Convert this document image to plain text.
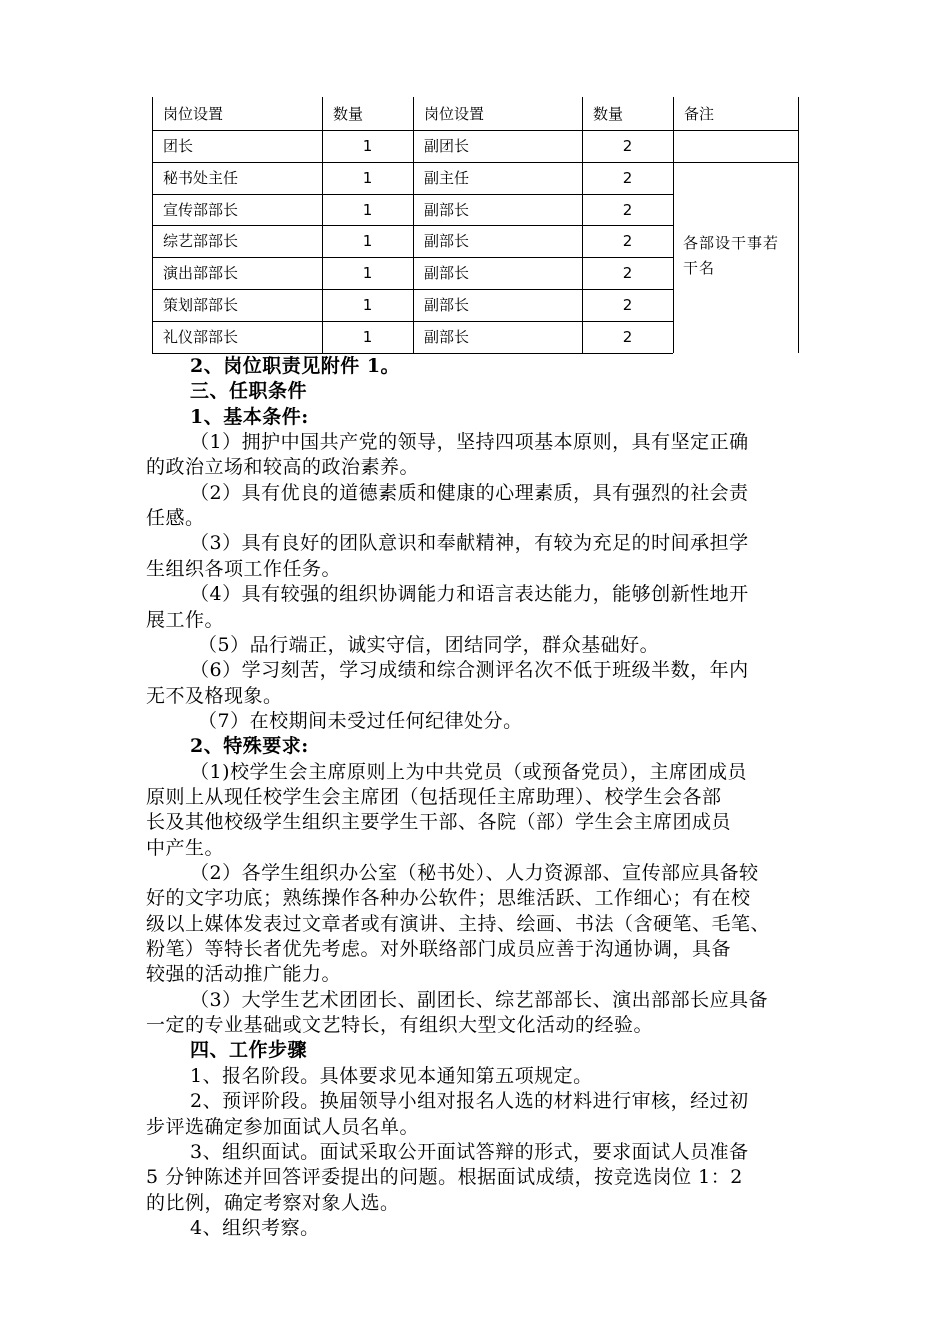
岗位设置	数量	岗位设置	数量	备注
团长	1	副团长	2
秘书处主任	1	副主任	2
宣传部部长	1	副部长	2
综艺部部长	1	副部长	2
演出部部长	1	副部长	2
策划部部长	1	副部长	2
礼仪部部长	1	副部长	2
各部设干事若干名
2、岗位职责见附件 1。
三、任职条件
1、基本条件:
（1）拥护中国共产党的领导，坚持四项基本原则，具有坚定正确
的政治立场和较高的政治素养。
（2）具有优良的道德素质和健康的心理素质，具有强烈的社会责
任感。
（3）具有良好的团队意识和奉献精神，有较为充足的时间承担学
生组织各项工作任务。
（4）具有较强的组织协调能力和语言表达能力，能够创新性地开
展工作。
（5）品行端正，诚实守信，团结同学，群众基础好。
（6）学习刻苦，学习成绩和综合测评名次不低于班级半数，年内
无不及格现象。
（7）在校期间未受过任何纪律处分。
2、特殊要求:
（1)校学生会主席原则上为中共党员（或预备党员），主席团成员
原则上从现任校学生会主席团（包括现任主席助理）、校学生会各部
长及其他校级学生组织主要学生干部、各院（部）学生会主席团成员
中产生。
（2）各学生组织办公室（秘书处）、人力资源部、宣传部应具备较
好的文字功底；熟练操作各种办公软件；思维活跃、工作细心；有在校
级以上媒体发表过文章者或有演讲、主持、绘画、书法（含硬笔、毛笔、
粉笔）等特长者优先考虑。对外联络部门成员应善于沟通协调，具备
较强的活动推广能力。
（3）大学生艺术团团长、副团长、综艺部部长、演出部部长应具备
一定的专业基础或文艺特长，有组织大型文化活动的经验。
四、工作步骤
1、报名阶段。具体要求见本通知第五项规定。
2、预评阶段。换届领导小组对报名人选的材料进行审核，经过初
步评选确定参加面试人员名单。
3、组织面试。面试采取公开面试答辩的形式，要求面试人员准备
5 分钟陈述并回答评委提出的问题。根据面试成绩，按竞选岗位 1：2
的比例，确定考察对象人选。
4、组织考察。
